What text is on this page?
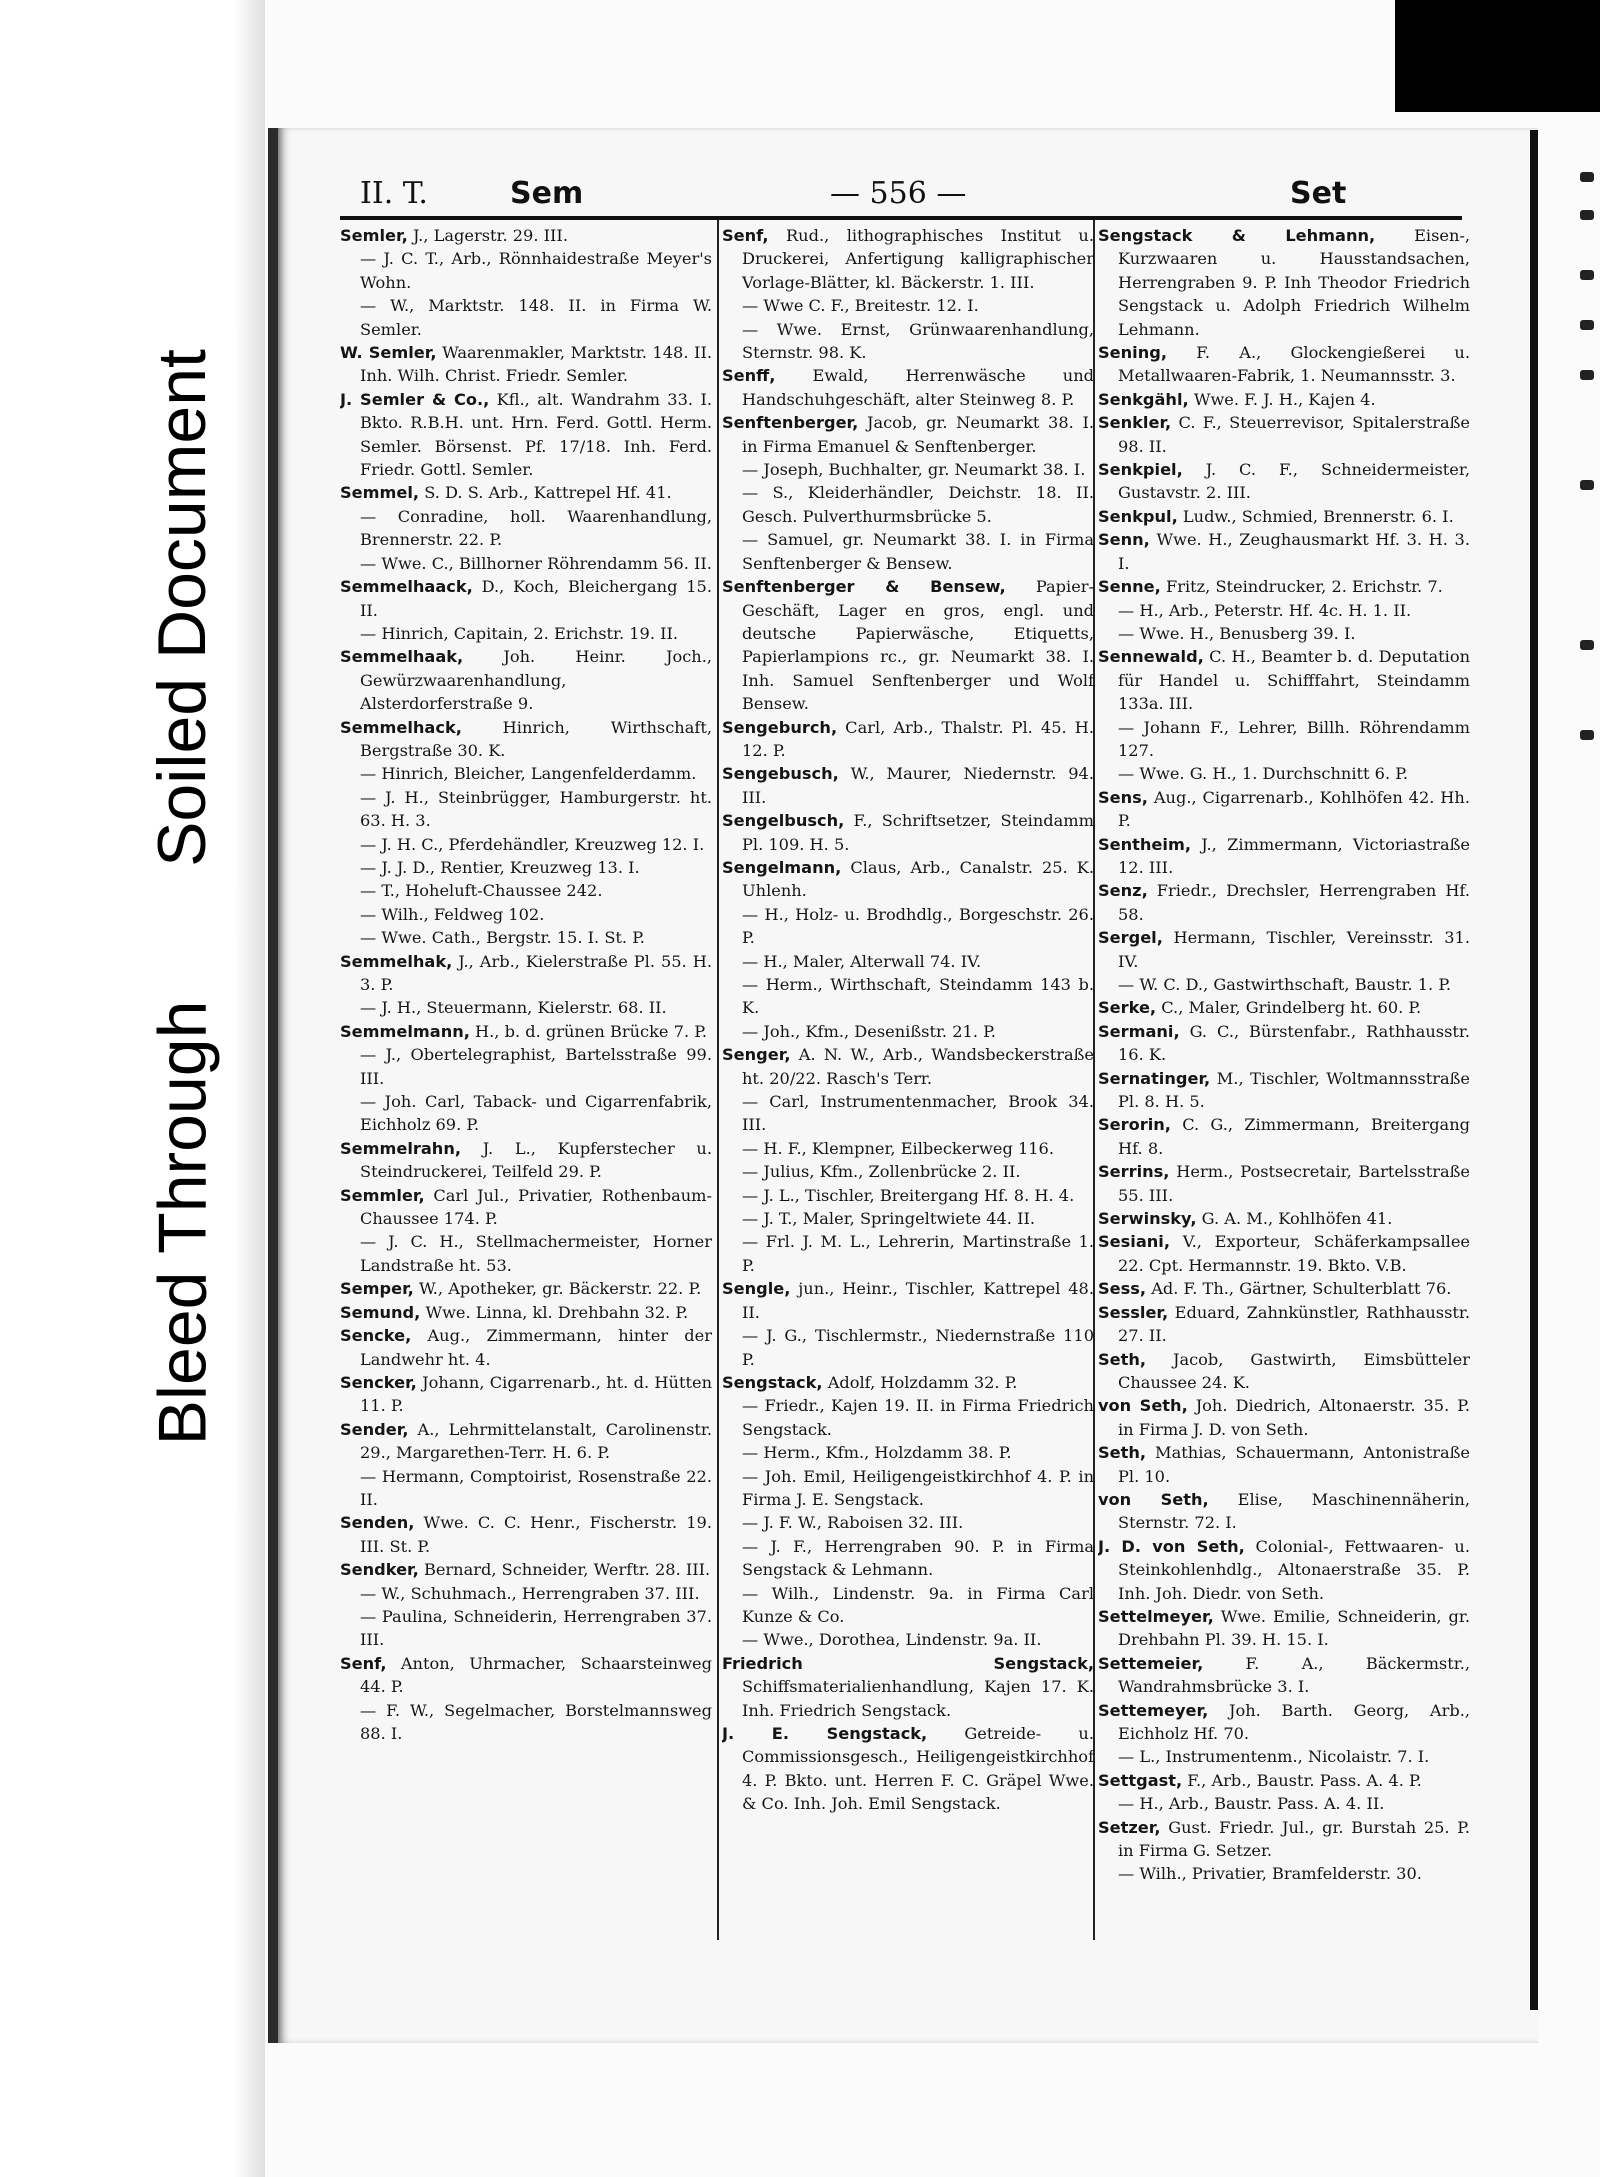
Soiled Document
Bleed Through
II. T.	Sem	— 556 —	Set

Semler, J., Lagerstr. 29. III.

— J. C. T., Arb., Rönnhaidestraße Meyer's Wohn.

— W., Marktstr. 148. II. in Firma W. Semler.

W. Semler, Waarenmakler, Marktstr. 148. II. Inh. Wilh. Christ. Friedr. Semler.

J. Semler & Co., Kfl., alt. Wandrahm 33. I. Bkto. R.B.H. unt. Hrn. Ferd. Gottl. Herm. Semler. Börsenst. Pf. 17/18. Inh. Ferd. Friedr. Gottl. Semler.

Semmel, S. D. S. Arb., Kattrepel Hf. 41.

— Conradine, holl. Waarenhandlung, Brennerstr. 22. P.

— Wwe. C., Billhorner Röhrendamm 56. II.

Semmelhaack, D., Koch, Bleichergang 15. II.

— Hinrich, Capitain, 2. Erichstr. 19. II.

Semmelhaak, Joh. Heinr. Joch., Gewürzwaarenhandlung, Alsterdorferstraße 9.

Semmelhack, Hinrich, Wirthschaft, Bergstraße 30. K.

— Hinrich, Bleicher, Langenfelderdamm.

— J. H., Steinbrügger, Hamburgerstr. ht. 63. H. 3.

— J. H. C., Pferdehändler, Kreuzweg 12. I.

— J. J. D., Rentier, Kreuzweg 13. I.

— T., Hoheluft-Chaussee 242.

— Wilh., Feldweg 102.

— Wwe. Cath., Bergstr. 15. I. St. P.

Semmelhak, J., Arb., Kielerstraße Pl. 55. H. 3. P.

— J. H., Steuermann, Kielerstr. 68. II.

Semmelmann, H., b. d. grünen Brücke 7. P.

— J., Obertelegraphist, Bartelsstraße 99. III.

— Joh. Carl, Taback- und Cigarrenfabrik, Eichholz 69. P.

Semmelrahn, J. L., Kupferstecher u. Steindruckerei, Teilfeld 29. P.

Semmler, Carl Jul., Privatier, Rothenbaum-Chaussee 174. P.

— J. C. H., Stellmachermeister, Horner Landstraße ht. 53.

Semper, W., Apotheker, gr. Bäckerstr. 22. P.

Semund, Wwe. Linna, kl. Drehbahn 32. P.

Sencke, Aug., Zimmermann, hinter der Landwehr ht. 4.

Sencker, Johann, Cigarrenarb., ht. d. Hütten 11. P.

Sender, A., Lehrmittelanstalt, Carolinenstr. 29., Margarethen-Terr. H. 6. P.

— Hermann, Comptoirist, Rosenstraße 22. II.

Senden, Wwe. C. C. Henr., Fischerstr. 19. III. St. P.

Sendker, Bernard, Schneider, Werftr. 28. III.

— W., Schuhmach., Herrengraben 37. III.

— Paulina, Schneiderin, Herrengraben 37. III.

Senf, Anton, Uhrmacher, Schaarsteinweg 44. P.

— F. W., Segelmacher, Borstelmannsweg 88. I.

Senf, Rud., lithographisches Institut u. Druckerei, Anfertigung kalligraphischer Vorlage-Blätter, kl. Bäckerstr. 1. III.

— Wwe C. F., Breitestr. 12. I.

— Wwe. Ernst, Grünwaarenhandlung, Sternstr. 98. K.

Senff, Ewald, Herrenwäsche und Handschuhgeschäft, alter Steinweg 8. P.

Senftenberger, Jacob, gr. Neumarkt 38. I. in Firma Emanuel & Senftenberger.

— Joseph, Buchhalter, gr. Neumarkt 38. I.

— S., Kleiderhändler, Deichstr. 18. II. Gesch. Pulverthurmsbrücke 5.

— Samuel, gr. Neumarkt 38. I. in Firma Senftenberger & Bensew.

Senftenberger & Bensew, Papier-Geschäft, Lager en gros, engl. und deutsche Papierwäsche, Etiquetts, Papierlampions rc., gr. Neumarkt 38. I. Inh. Samuel Senftenberger und Wolf Bensew.

Sengeburch, Carl, Arb., Thalstr. Pl. 45. H. 12. P.

Sengebusch, W., Maurer, Niedernstr. 94. III.

Sengelbusch, F., Schriftsetzer, Steindamm Pl. 109. H. 5.

Sengelmann, Claus, Arb., Canalstr. 25. K. Uhlenh.

— H., Holz- u. Brodhdlg., Borgeschstr. 26. P.

— H., Maler, Alterwall 74. IV.

— Herm., Wirthschaft, Steindamm 143 b. K.

— Joh., Kfm., Desenißstr. 21. P.

Senger, A. N. W., Arb., Wandsbeckerstraße ht. 20/22. Rasch's Terr.

— Carl, Instrumentenmacher, Brook 34. III.

— H. F., Klempner, Eilbeckerweg 116.

— Julius, Kfm., Zollenbrücke 2. II.

— J. L., Tischler, Breitergang Hf. 8. H. 4.

— J. T., Maler, Springeltwiete 44. II.

— Frl. J. M. L., Lehrerin, Martinstraße 1. P.

Sengle, jun., Heinr., Tischler, Kattrepel 48. II.

— J. G., Tischlermstr., Niedernstraße 110 P.

Sengstack, Adolf, Holzdamm 32. P.

— Friedr., Kajen 19. II. in Firma Friedrich Sengstack.

— Herm., Kfm., Holzdamm 38. P.

— Joh. Emil, Heiligengeistkirchhof 4. P. in Firma J. E. Sengstack.

— J. F. W., Raboisen 32. III.

— J. F., Herrengraben 90. P. in Firma Sengstack & Lehmann.

— Wilh., Lindenstr. 9a. in Firma Carl Kunze & Co.

— Wwe., Dorothea, Lindenstr. 9a. II.

Friedrich Sengstack, Schiffsmaterialienhandlung, Kajen 17. K. Inh. Friedrich Sengstack.

J. E. Sengstack, Getreide- u. Commissionsgesch., Heiligengeistkirchhof 4. P. Bkto. unt. Herren F. C. Gräpel Wwe. & Co. Inh. Joh. Emil Sengstack.

Sengstack & Lehmann, Eisen-, Kurzwaaren u. Hausstandsachen, Herrengraben 9. P. Inh Theodor Friedrich Sengstack u. Adolph Friedrich Wilhelm Lehmann.

Sening, F. A., Glockengießerei u. Metallwaaren-Fabrik, 1. Neumannsstr. 3.

Senkgähl, Wwe. F. J. H., Kajen 4.

Senkler, C. F., Steuerrevisor, Spitalerstraße 98. II.

Senkpiel, J. C. F., Schneidermeister, Gustavstr. 2. III.

Senkpul, Ludw., Schmied, Brennerstr. 6. I.

Senn, Wwe. H., Zeughausmarkt Hf. 3. H. 3. I.

Senne, Fritz, Steindrucker, 2. Erichstr. 7.

— H., Arb., Peterstr. Hf. 4c. H. 1. II.

— Wwe. H., Benusberg 39. I.

Sennewald, C. H., Beamter b. d. Deputation für Handel u. Schifffahrt, Steindamm 133a. III.

— Johann F., Lehrer, Billh. Röhrendamm 127.

— Wwe. G. H., 1. Durchschnitt 6. P.

Sens, Aug., Cigarrenarb., Kohlhöfen 42. Hh. P.

Sentheim, J., Zimmermann, Victoriastraße 12. III.

Senz, Friedr., Drechsler, Herrengraben Hf. 58.

Sergel, Hermann, Tischler, Vereinsstr. 31. IV.

— W. C. D., Gastwirthschaft, Baustr. 1. P.

Serke, C., Maler, Grindelberg ht. 60. P.

Sermani, G. C., Bürstenfabr., Rathhausstr. 16. K.

Sernatinger, M., Tischler, Woltmannsstraße Pl. 8. H. 5.

Serorin, C. G., Zimmermann, Breitergang Hf. 8.

Serrins, Herm., Postsecretair, Bartelsstraße 55. III.

Serwinsky, G. A. M., Kohlhöfen 41.

Sesiani, V., Exporteur, Schäferkampsallee 22. Cpt. Hermannstr. 19. Bkto. V.B.

Sess, Ad. F. Th., Gärtner, Schulterblatt 76.

Sessler, Eduard, Zahnkünstler, Rathhausstr. 27. II.

Seth, Jacob, Gastwirth, Eimsbütteler Chaussee 24. K.

von Seth, Joh. Diedrich, Altonaerstr. 35. P. in Firma J. D. von Seth.

Seth, Mathias, Schauermann, Antonistraße Pl. 10.

von Seth, Elise, Maschinennäherin, Sternstr. 72. I.

J. D. von Seth, Colonial-, Fettwaaren- u. Steinkohlenhdlg., Altonaerstraße 35. P. Inh. Joh. Diedr. von Seth.

Settelmeyer, Wwe. Emilie, Schneiderin, gr. Drehbahn Pl. 39. H. 15. I.

Settemeier, F. A., Bäckermstr., Wandrahmsbrücke 3. I.

Settemeyer, Joh. Barth. Georg, Arb., Eichholz Hf. 70.

— L., Instrumentenm., Nicolaistr. 7. I.

Settgast, F., Arb., Baustr. Pass. A. 4. P.

— H., Arb., Baustr. Pass. A. 4. II.

Setzer, Gust. Friedr. Jul., gr. Burstah 25. P. in Firma G. Setzer.

— Wilh., Privatier, Bramfelderstr. 30.
